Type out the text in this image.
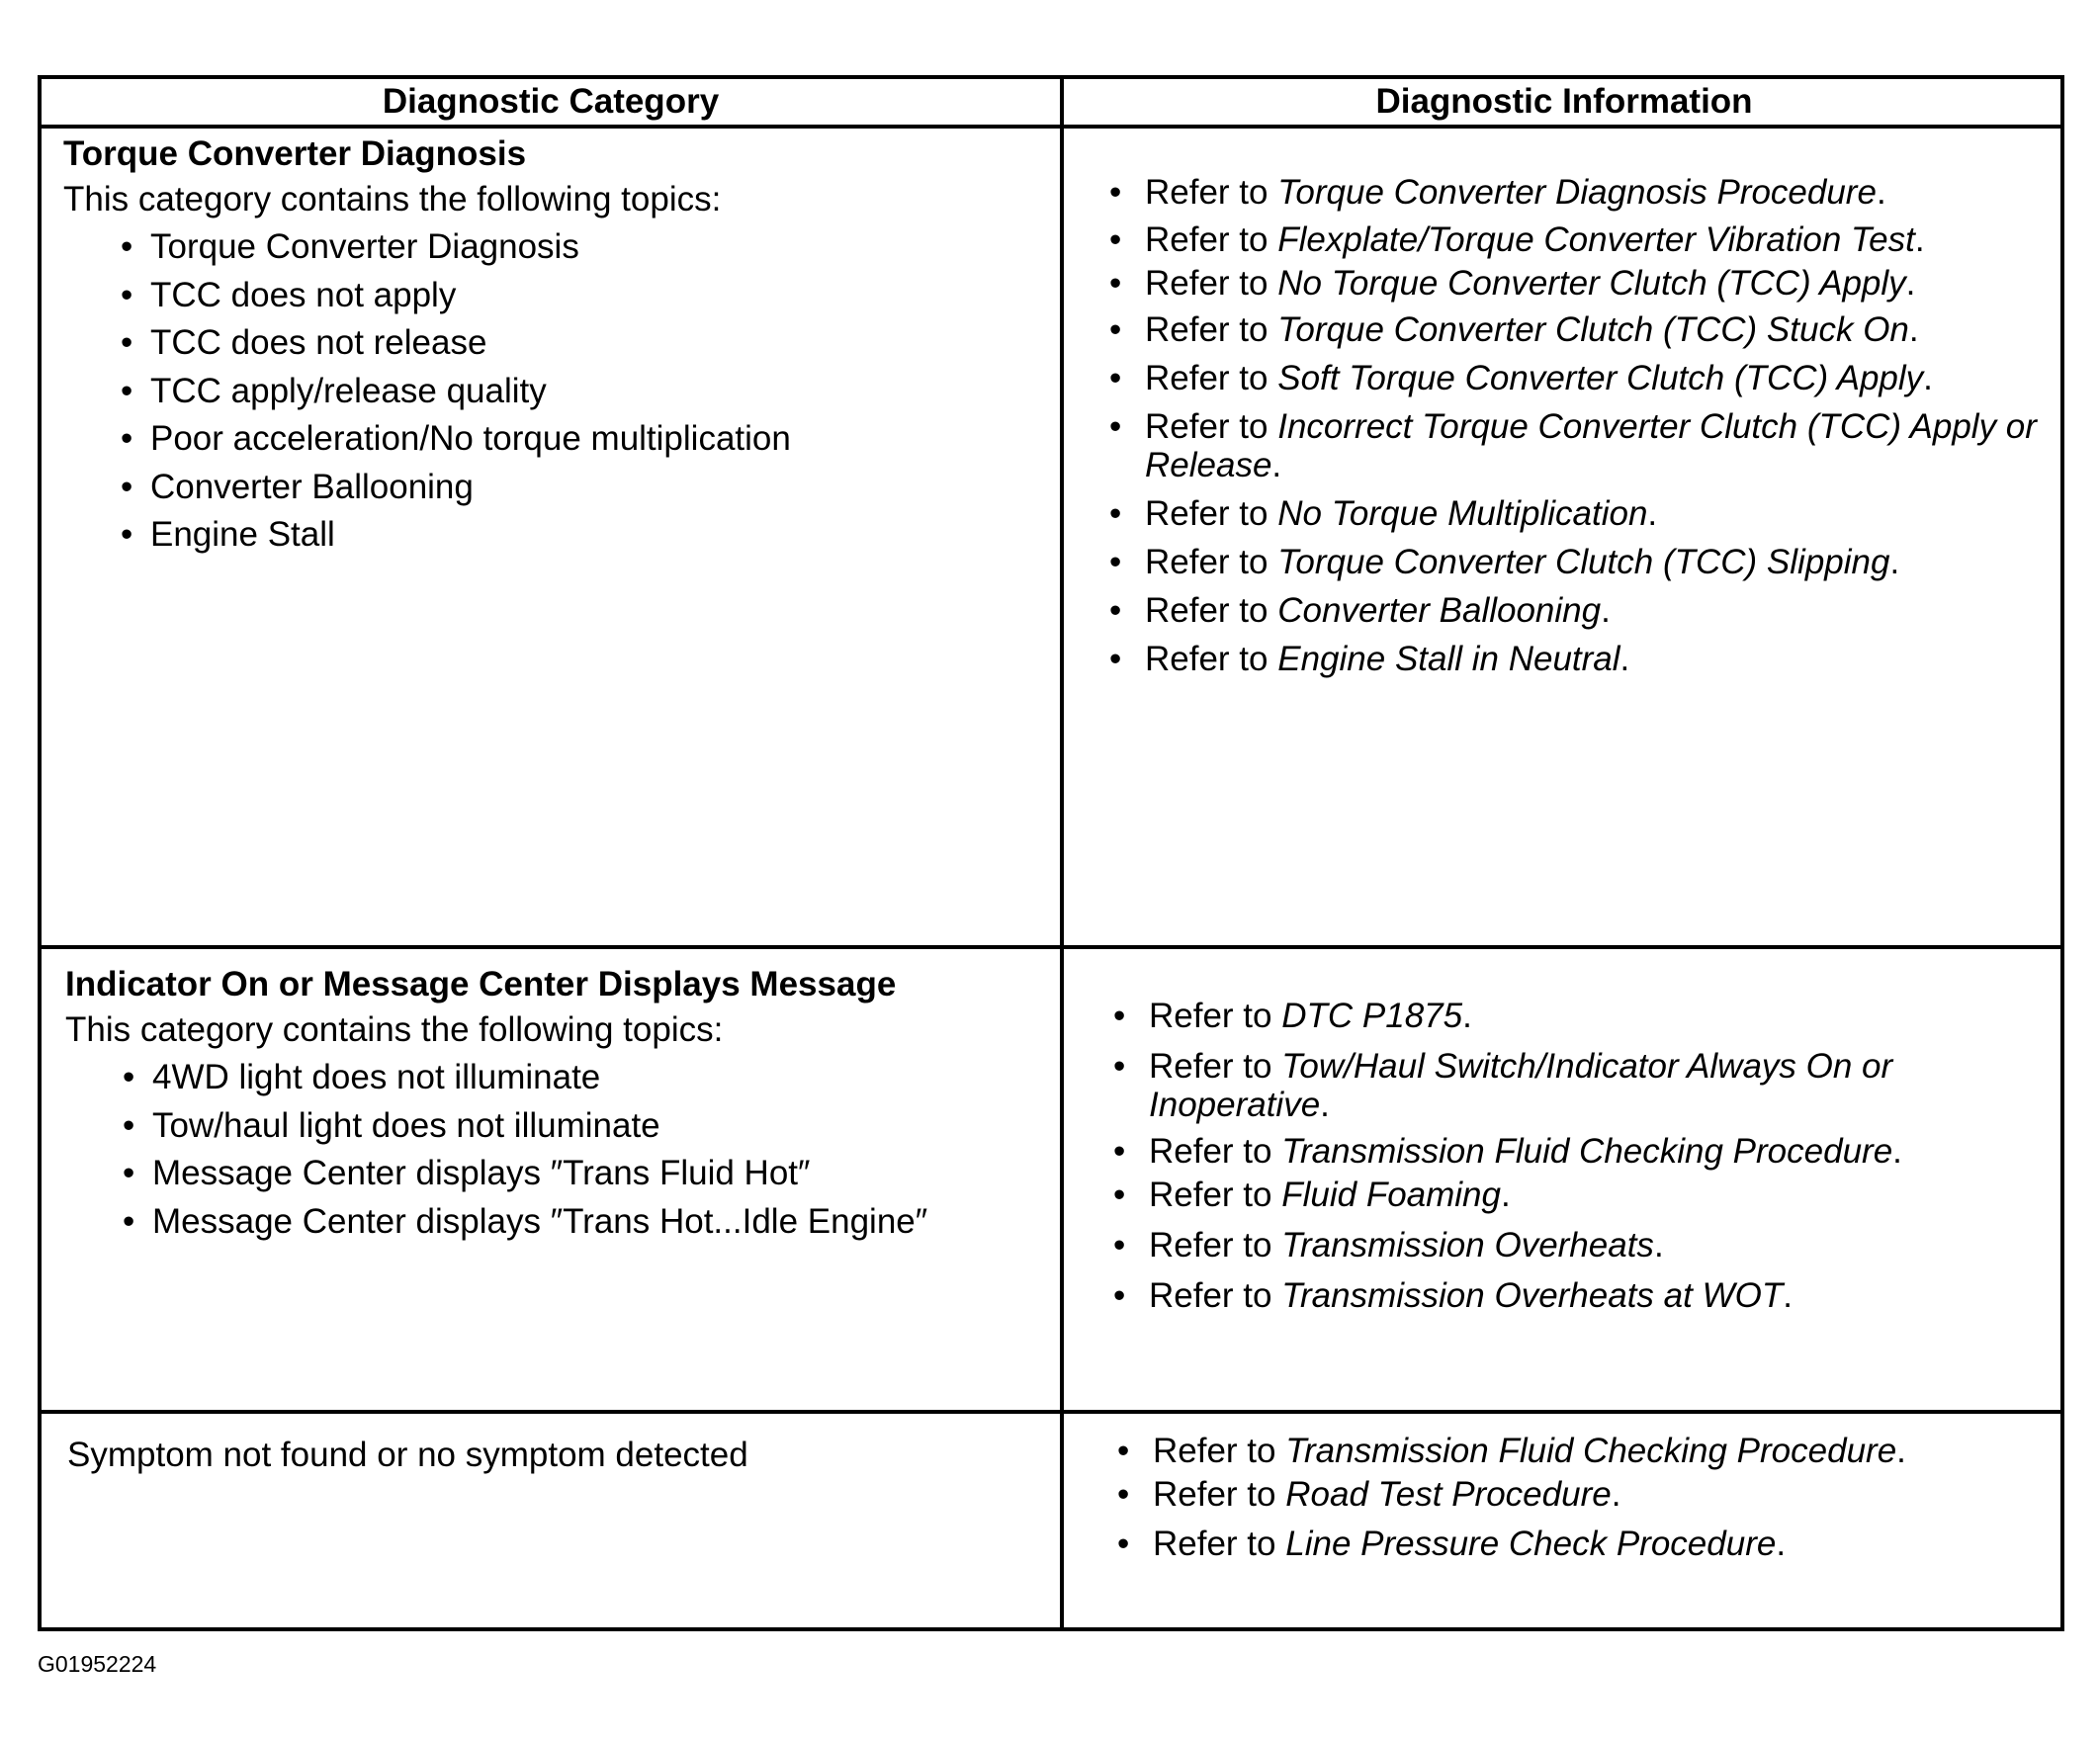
Diagnostic Category	Diagnostic Information

Torque Converter Diagnosis

This category contains the following topics:

• Torque Converter Diagnosis
• TCC does not apply
• TCC does not release
• TCC apply/release quality
• Poor acceleration/No torque multiplication
• Converter Ballooning
• Engine Stall
• Refer to Torque Converter Diagnosis Procedure.
• Refer to Flexplate/Torque Converter Vibration Test.
• Refer to No Torque Converter Clutch (TCC) Apply.
• Refer to Torque Converter Clutch (TCC) Stuck On.
• Refer to Soft Torque Converter Clutch (TCC) Apply.
• Refer to Incorrect Torque Converter Clutch (TCC) Apply or Release.
• Refer to No Torque Multiplication.
• Refer to Torque Converter Clutch (TCC) Slipping.
• Refer to Converter Ballooning.
• Refer to Engine Stall in Neutral.

Indicator On or Message Center Displays Message

This category contains the following topics:

• 4WD light does not illuminate
• Tow/haul light does not illuminate
• Message Center displays ″Trans Fluid Hot″
• Message Center displays ″Trans Hot...Idle Engine″
• Refer to DTC P1875.
• Refer to Tow/Haul Switch/Indicator Always On or Inoperative.
• Refer to Transmission Fluid Checking Procedure.
• Refer to Fluid Foaming.
• Refer to Transmission Overheats.
• Refer to Transmission Overheats at WOT.

Symptom not found or no symptom detected	• Refer to Transmission Fluid Checking Procedure.
• Refer to Road Test Procedure.
• Refer to Line Pressure Check Procedure.
G01952224
